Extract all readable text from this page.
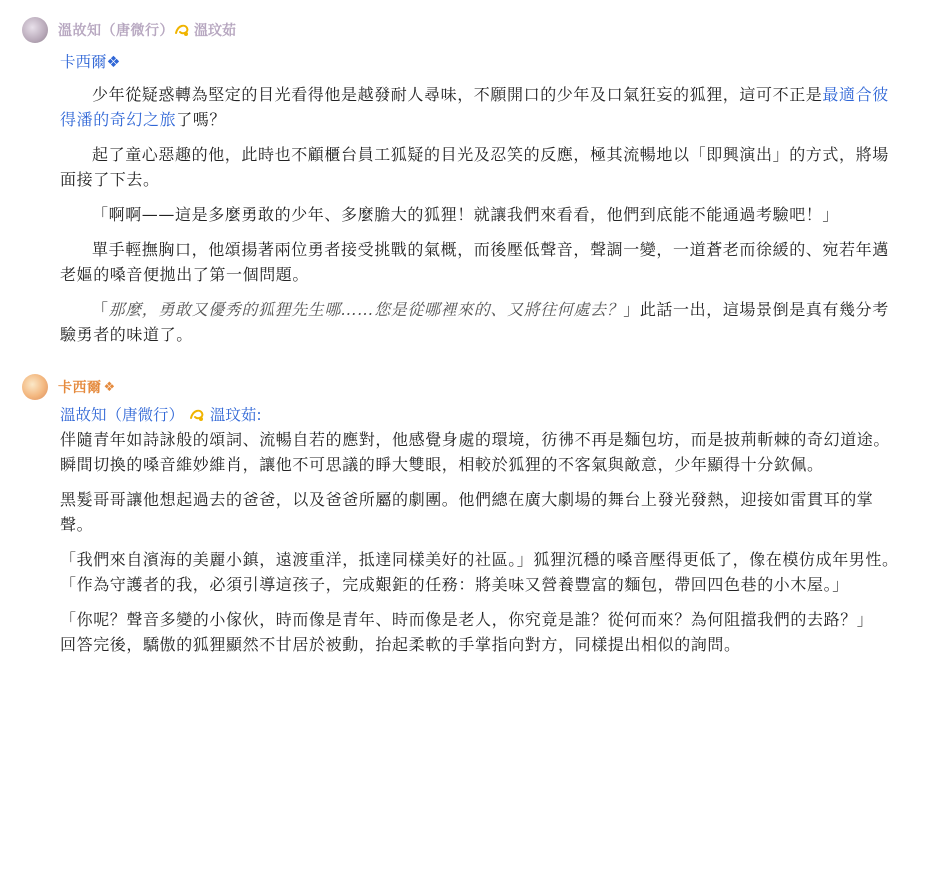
溫故知（唐微行） 溫玟茹
卡西爾❖

少年從疑惑轉為堅定的目光看得他是越發耐人尋味，不願開口的少年及口氣狂妄的狐狸，這可不正是最適合彼得潘的奇幻之旅了嗎？

起了童心惡趣的他，此時也不顧櫃台員工狐疑的目光及忍笑的反應，極其流暢地以「即興演出」的方式，將場面接了下去。

「啊啊——這是多麼勇敢的少年、多麼膽大的狐狸！就讓我們來看看，他們到底能不能通過考驗吧！」

單手輕撫胸口，他頌揚著兩位勇者接受挑戰的氣概，而後壓低聲音，聲調一變，一道蒼老而徐緩的、宛若年邁老嫗的嗓音便拋出了第一個問題。

「那麼，勇敢又優秀的狐狸先生哪……您是從哪裡來的、又將往何處去？」此話一出，這場景倒是真有幾分考驗勇者的味道了。

卡西爾 ❖
溫故知（唐微行） 溫玟茹:

伴隨青年如詩詠般的頌詞、流暢自若的應對，他感覺身處的環境，彷彿不再是麵包坊，而是披荊斬棘的奇幻道途。

瞬間切換的嗓音維妙維肖，讓他不可思議的睜大雙眼，相較於狐狸的不客氣與敵意，少年顯得十分欽佩。

黑髮哥哥讓他想起過去的爸爸，以及爸爸所屬的劇團。他們總在廣大劇場的舞台上發光發熱，迎接如雷貫耳的掌聲。

「我們來自濱海的美麗小鎮，遠渡重洋，抵達同樣美好的社區。」狐狸沉穩的嗓音壓得更低了，像在模仿成年男性。

「作為守護者的我，必須引導這孩子，完成艱鉅的任務：將美味又營養豐富的麵包，帶回四色巷的小木屋。」

「你呢？聲音多變的小傢伙，時而像是青年、時而像是老人，你究竟是誰？從何而來？為何阻擋我們的去路？」

回答完後，驕傲的狐狸顯然不甘居於被動，抬起柔軟的手掌指向對方，同樣提出相似的詢問。
